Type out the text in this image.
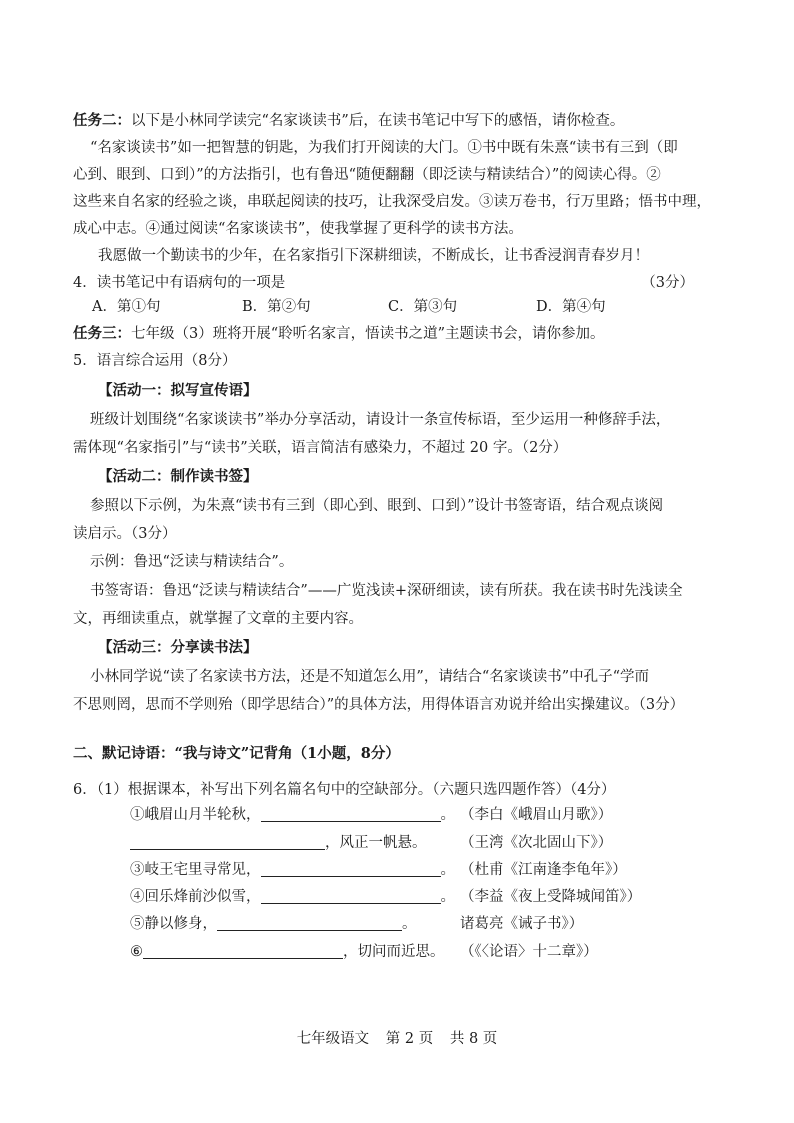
任务二：以下是小林同学读完“名家谈读书”后，在读书笔记中写下的感悟，请你检查。
“名家谈读书”如一把智慧的钥匙，为我们打开阅读的大门。①书中既有朱熹“读书有三到（即
心到、眼到、口到）”的方法指引，也有鲁迅“随便翻翻（即泛读与精读结合）”的阅读心得。②
这些来自名家的经验之谈，串联起阅读的技巧，让我深受启发。③读万卷书，行万里路；悟书中理，
成心中志。④通过阅读“名家谈读书”，使我掌握了更科学的读书方法。
我愿做一个勤读书的少年，在名家指引下深耕细读，不断成长，让书香浸润青春岁月！
4．读书笔记中有语病句的一项是	（3分）
A．第①句	B．第②句	C．第③句	D．第④句
任务三：七年级（3）班将开展“聆听名家言，悟读书之道”主题读书会，请你参加。
5．语言综合运用（8分）
【活动一：拟写宣传语】
班级计划围绕“名家谈读书”举办分享活动，请设计一条宣传标语，至少运用一种修辞手法，
需体现“名家指引”与“读书”关联，语言简洁有感染力，不超过 20 字。（2分）
【活动二：制作读书签】
参照以下示例，为朱熹“读书有三到（即心到、眼到、口到）”设计书签寄语，结合观点谈阅
读启示。（3分）
示例：鲁迅“泛读与精读结合”。
书签寄语：鲁迅“泛读与精读结合”——广览浅读+深研细读，读有所获。我在读书时先浅读全
文，再细读重点，就掌握了文章的主要内容。
【活动三：分享读书法】
小林同学说“读了名家读书方法，还是不知道怎么用”，请结合“名家谈读书”中孔子“学而
不思则罔，思而不学则殆（即学思结合）”的具体方法，用得体语言劝说并给出实操建议。（3分）
二、默记诗语：“我与诗文”记背角（1小题，8分）
6．（1）根据课本，补写出下列名篇名句中的空缺部分。（六题只选四题作答）（4分）
①峨眉山月半轮秋，	。 （李白《峨眉山月歌》）
，风正一帆悬。 （王湾《次北固山下》）
③岐王宅里寻常见，	。 （杜甫《江南逢李龟年》）
④回乐烽前沙似雪，	。 （李益《夜上受降城闻笛》）
⑤静以修身，	。	诸葛亮《诫子书》）
⑥	，切问而近思。 （《〈论语〉十二章》）
七年级语文 第 2 页 共 8 页
